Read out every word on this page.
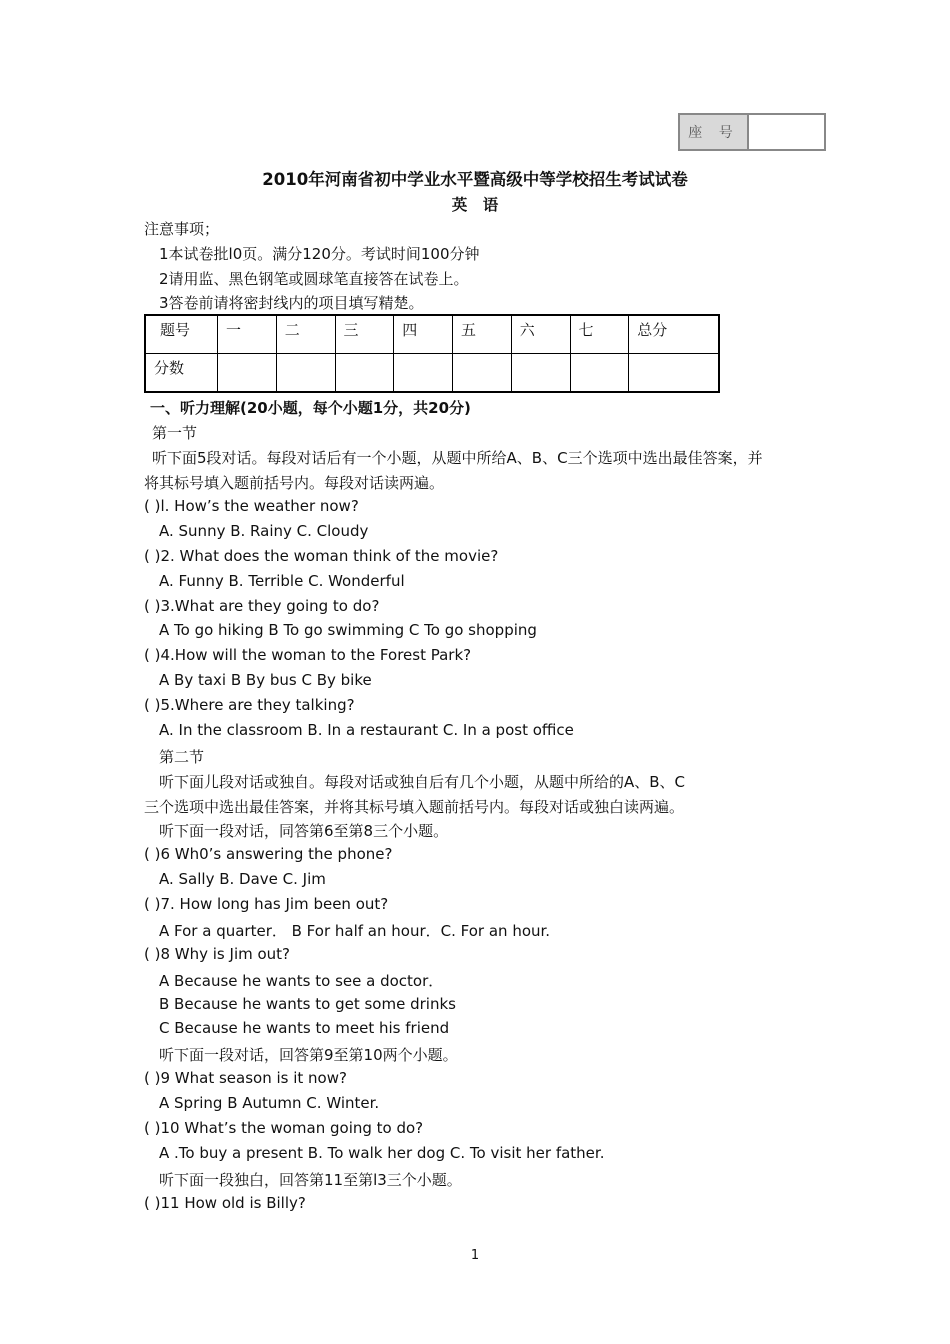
座 号
2010年河南省初中学业水平暨高级中等学校招生考试试卷
英　语
注意事项；
1本试卷批l0页。满分120分。考试时间100分钟
2请用监、黑色钢笔或圆球笔直接答在试卷上。
3答卷前请将密封线内的项目填写精楚。
题号	一	二	三	四	五	六	七	总分
分数								
一、听力理解(20小题，每个小题1分，共20分)
第一节
听下面5段对话。每段对话后有一个小题，从题中所给A、B、C三个选项中选出最佳答案，并
将其标号填入题前括号内。每段对话读两遍。
( )l. How’s the weather now?
A. Sunny B. Rainy C. Cloudy
( )2. What does the woman think of the movie?
A. Funny B. Terrible C. Wonderful
( )3.What are they going to do?
A To go hiking B To go swimming C To go shopping
( )4.How will the woman to the Forest Park?
A By taxi B By bus C By bike
( )5.Where are they talking?
A. In the classroom B. In a restaurant C. In a post office
第二节
听下面儿段对话或独自。每段对话或独自后有几个小题，从题中所给的A、B、C
三个选项中选出最佳答案，并将其标号填入题前括号内。每段对话或独白读两遍。
听下面一段对话，同答第6至第8三个小题。
( )6 Wh0’s answering the phone?
A. Sally B. Dave C. Jim
( )7. How long has Jim been out?
A For a quarter． B For half an hour．C. For an hour.
( )8 Why is Jim out?
A Because he wants to see a doctor．
B Because he wants to get some drinks
C Because he wants to meet his friend
听下面一段对话，回答第9至第10两个小题。
( )9 What season is it now?
A Spring B Autumn C. Winter.
( )10 What’s the woman going to do?
A .To buy a present B. To walk her dog C. To visit her father.
听下面一段独白，回答第11至第l3三个小题。
( )11 How old is Billy?
1
